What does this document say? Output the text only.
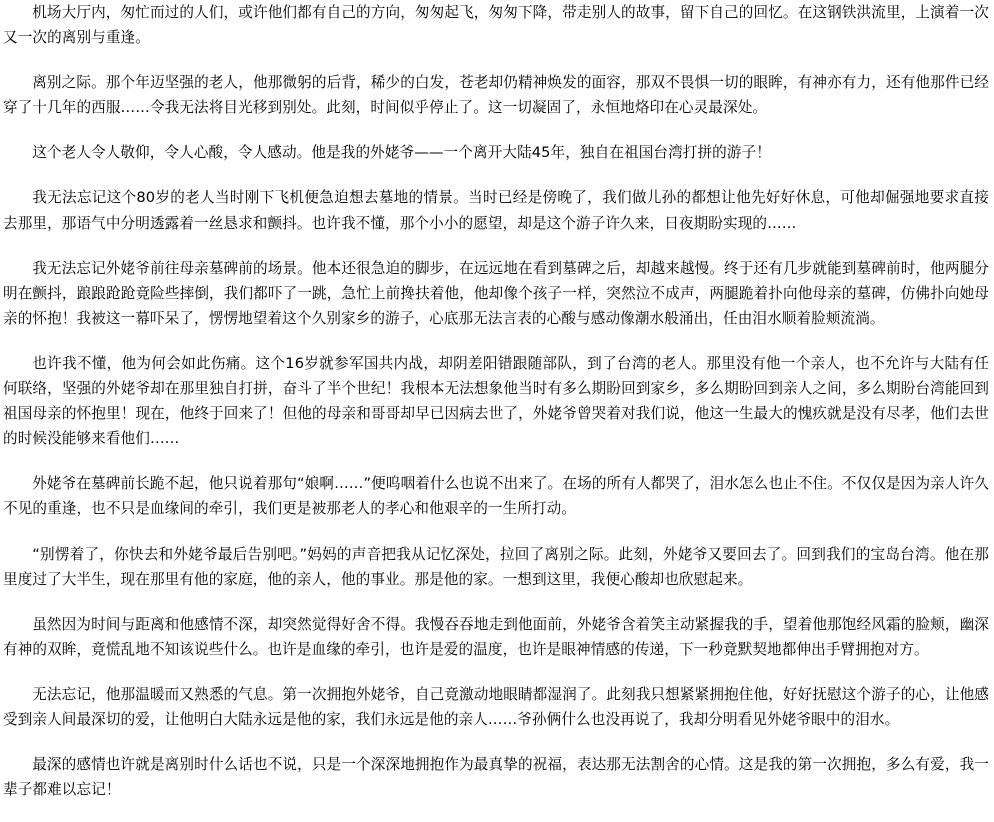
机场大厅内，匆忙而过的人们，或许他们都有自己的方向，匆匆起飞，匆匆下降，带走别人的故事，留下自己的回忆。在这钢铁洪流里，上演着一次又一次的离别与重逢。

离别之际。那个年迈坚强的老人，他那微躬的后背，稀少的白发，苍老却仍精神焕发的面容，那双不畏惧一切的眼眸，有神亦有力，还有他那件已经穿了十几年的西服……令我无法将目光移到别处。此刻，时间似乎停止了。这一切凝固了，永恒地烙印在心灵最深处。

这个老人令人敬仰，令人心酸，令人感动。他是我的外姥爷——一个离开大陆45年，独自在祖国台湾打拼的游子！

我无法忘记这个80岁的老人当时刚下飞机便急迫想去墓地的情景。当时已经是傍晚了，我们做儿孙的都想让他先好好休息，可他却倔强地要求直接去那里，那语气中分明透露着一丝恳求和颤抖。也许我不懂，那个小小的愿望，却是这个游子许久来，日夜期盼实现的……

我无法忘记外姥爷前往母亲墓碑前的场景。他本还很急迫的脚步，在远远地在看到墓碑之后，却越来越慢。终于还有几步就能到墓碑前时，他两腿分明在颤抖，踉踉跄跄竟险些摔倒，我们都吓了一跳，急忙上前搀扶着他，他却像个孩子一样，突然泣不成声，两腿跪着扑向他母亲的墓碑，仿佛扑向她母亲的怀抱！我被这一幕吓呆了，愣愣地望着这个久别家乡的游子，心底那无法言表的心酸与感动像潮水般涌出，任由泪水顺着脸颊流淌。

也许我不懂，他为何会如此伤痛。这个16岁就参军国共内战，却阴差阳错跟随部队，到了台湾的老人。那里没有他一个亲人，也不允许与大陆有任何联络，坚强的外姥爷却在那里独自打拼，奋斗了半个世纪！我根本无法想象他当时有多么期盼回到家乡，多么期盼回到亲人之间，多么期盼台湾能回到祖国母亲的怀抱里！现在，他终于回来了！但他的母亲和哥哥却早已因病去世了，外姥爷曾哭着对我们说，他这一生最大的愧疚就是没有尽孝，他们去世的时候没能够来看他们……

外姥爷在墓碑前长跪不起，他只说着那句“娘啊……”便呜咽着什么也说不出来了。在场的所有人都哭了，泪水怎么也止不住。不仅仅是因为亲人许久不见的重逢，也不只是血缘间的牵引，我们更是被那老人的孝心和他艰辛的一生所打动。

“别愣着了，你快去和外姥爷最后告别吧。”妈妈的声音把我从记忆深处，拉回了离别之际。此刻，外姥爷又要回去了。回到我们的宝岛台湾。他在那里度过了大半生，现在那里有他的家庭，他的亲人，他的事业。那是他的家。一想到这里，我便心酸却也欣慰起来。

虽然因为时间与距离和他感情不深，却突然觉得好舍不得。我慢吞吞地走到他面前，外姥爷含着笑主动紧握我的手，望着他那饱经风霜的脸颊，幽深有神的双眸，竟慌乱地不知该说些什么。也许是血缘的牵引，也许是爱的温度，也许是眼神情感的传递，下一秒竟默契地都伸出手臂拥抱对方。

无法忘记，他那温暖而又熟悉的气息。第一次拥抱外姥爷，自己竟激动地眼睛都湿润了。此刻我只想紧紧拥抱住他，好好抚慰这个游子的心，让他感受到亲人间最深切的爱，让他明白大陆永远是他的家，我们永远是他的亲人……爷孙俩什么也没再说了，我却分明看见外姥爷眼中的泪水。

最深的感情也许就是离别时什么话也不说，只是一个深深地拥抱作为最真挚的祝福，表达那无法割舍的心情。这是我的第一次拥抱，多么有爱，我一辈子都难以忘记！
